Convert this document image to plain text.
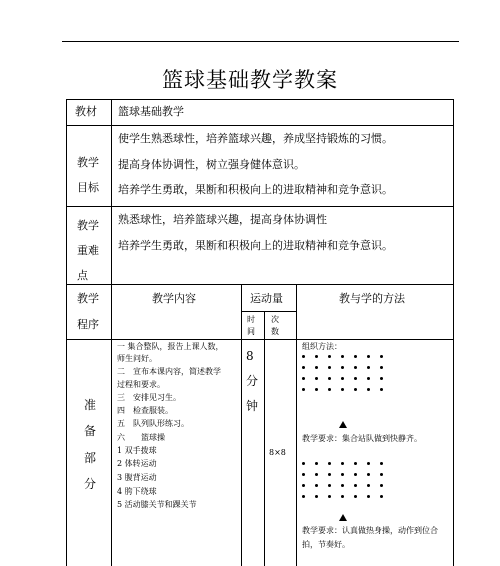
篮球基础教学教案
教材 篮球基础教学
教学
目标
使学生熟悉球性，培养篮球兴趣，养成坚持锻炼的习惯。
提高身体协调性，树立强身健体意识。
培养学生勇敢，果断和积极向上的进取精神和竞争意识。
教学
重难
点
熟悉球性，培养篮球兴趣，提高身体协调性
培养学生勇敢，果断和积极向上的进取精神和竞争意识。
教学
程序
教学内容	运动量
时
间
次
数
教与学的方法
准
备
部
分
一 集合整队，报告上课人数，
师生问好。
二　宣布本课内容，简述教学
过程和要求。
三　安排见习生。
四　检查服装。
五　队列队形练习。
六　　篮球操
1 双手拨球
2 体转运动
3 腹背运动
4 胯下绕球
5 活动膝关节和踝关节
8
分
钟
8×8
组织方法：
教学要求：集合站队做到快静齐。
教学要求：认真做热身操，动作到位合
拍，节奏好。
